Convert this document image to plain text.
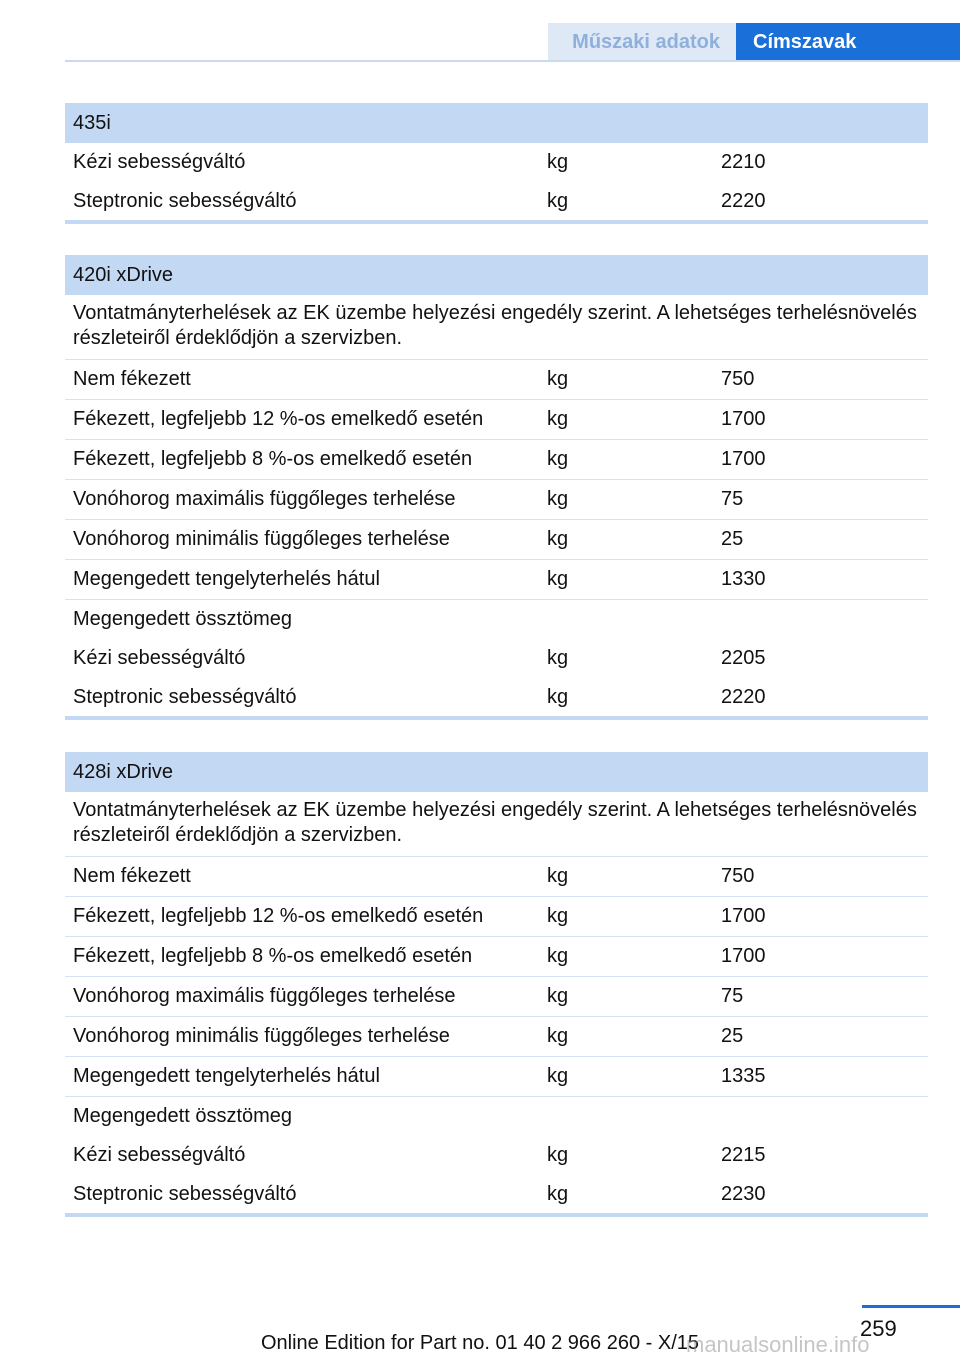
Műszaki adatok	Címszavak
435i
Kézi sebességváltó	kg	2210
Steptronic sebességváltó	kg	2220
420i xDrive
Vontatmányterhelések az EK üzembe helyezési engedély szerint. A lehetséges terhelésnövelés részleteiről érdeklődjön a szervizben.
Nem fékezett	kg	750
Fékezett, legfeljebb 12 %-os emelkedő esetén	kg	1700
Fékezett, legfeljebb 8 %-os emelkedő esetén	kg	1700
Vonóhorog maximális függőleges terhelése	kg	75
Vonóhorog minimális függőleges terhelése	kg	25
Megengedett tengelyterhelés hátul	kg	1330
Megengedett össztömeg
Kézi sebességváltó	kg	2205
Steptronic sebességváltó	kg	2220
428i xDrive
Vontatmányterhelések az EK üzembe helyezési engedély szerint. A lehetséges terhelésnövelés részleteiről érdeklődjön a szervizben.
Nem fékezett	kg	750
Fékezett, legfeljebb 12 %-os emelkedő esetén	kg	1700
Fékezett, legfeljebb 8 %-os emelkedő esetén	kg	1700
Vonóhorog maximális függőleges terhelése	kg	75
Vonóhorog minimális függőleges terhelése	kg	25
Megengedett tengelyterhelés hátul	kg	1335
Megengedett össztömeg
Kézi sebességváltó	kg	2215
Steptronic sebességváltó	kg	2230
259
Online Edition for Part no. 01 40 2 966 260 - X/15
manualsonline.info
